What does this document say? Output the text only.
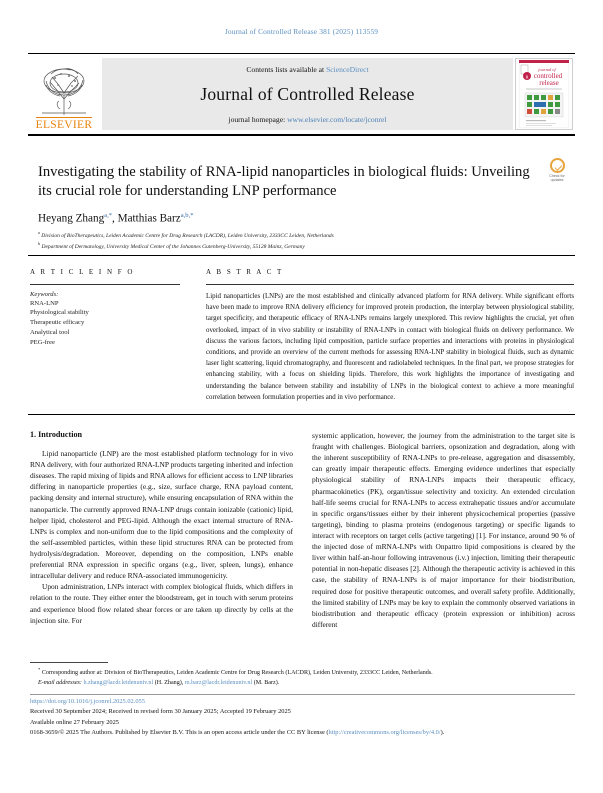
Journal of Controlled Release 381 (2025) 113559
ELSEVIER
Contents lists available at ScienceDirect
Journal of Controlled Release
journal homepage: www.elsevier.com/locate/jconrel
R
journal of
controlled
release
Check for
updates
Investigating the stability of RNA-lipid nanoparticles in biological fluids: Unveiling its crucial role for understanding LNP performance
Heyang Zhang$^{a,*}$, Matthias Barz$^{a,b,*}$
$^a$ Division of BioTherapeutics, Leiden Academic Centre for Drug Research (LACDR), Leiden University, 2333CC Leiden, Netherlands
$^b$ Department of Dermatology, University Medical Center of the Johannes Gutenberg-University, 55128 Mainz, Germany
A R T I C L E I N F O
Keywords:
RNA-LNP
Physiological stability
Therapeutic efficacy
Analytical tool
PEG-free
A B S T R A C T
Lipid nanoparticles (LNPs) are the most established and clinically advanced platform for RNA delivery. While significant efforts have been made to improve RNA delivery efficiency for improved protein production, the interplay between physiological stability, target specificity, and therapeutic efficacy of RNA-LNPs remains largely unexplored. This review highlights the crucial, yet often overlooked, impact of in vivo stability or instability of RNA-LNPs in contact with biological fluids on delivery performance. We discuss the various factors, including lipid composition, particle surface properties and interactions with proteins in physiological conditions, and provide an overview of the current methods for assessing RNA-LNP stability in biological fluids, such as dynamic laser light scattering, liquid chromatography, and fluorescent and radiolabeled techniques. In the final part, we propose strategies for enhancing stability, with a focus on shielding lipids. Therefore, this work highlights the importance of investigating and understanding the balance between stability and instability of LNPs in the biological context to achieve a more meaningful correlation between formulation properties and in vivo performance.
1. Introduction

Lipid nanoparticle (LNP) are the most established platform technology for in vivo RNA delivery, with four authorized RNA-LNP products targeting inherited and infection diseases. The rapid mixing of lipids and RNA allows for efficient access to LNP libraries differing in nanoparticle properties (e.g., size, surface charge, RNA payload content, packing density and internal structure), while ensuring encapsulation of RNA within the nanoparticle. The currently approved RNA-LNP drugs contain ionizable (cationic) lipid, helper lipid, cholesterol and PEG-lipid. Although the exact internal structure of RNA-LNPs is complex and non-uniform due to the lipid compositions and the complexity of the self-assembled particles, within these lipid structures RNA can be protected from hydrolysis/degradation. Moreover, depending on the composition, LNPs enable preferential RNA expression in specific organs (e.g., liver, spleen, lungs), enhance intracellular delivery and reduce RNA-associated immunogenicity.

Upon administration, LNPs interact with complex biological fluids, which differs in relation to the route. They either enter the bloodstream, get in touch with serum proteins and experience blood flow related shear forces or are taken up directly by cells at the injection site. For

systemic application, however, the journey from the administration to the target site is fraught with challenges. Biological barriers, opsonization and degradation, along with the inherent susceptibility of RNA-LNPs to pre-release, aggregation and disassembly, can greatly impair therapeutic effects. Emerging evidence underlines that especially physiological stability of RNA-LNPs impacts their therapeutic efficacy, pharmacokinetics (PK), organ/tissue selectivity and toxicity. An extended circulation half-life seems crucial for RNA-LNPs to access extrahepatic tissues and/or accumulate in specific organs/tissues either by their inherent physicochemical properties (passive targeting), binding to plasma proteins (endogenous targeting) or specific ligands to interact with receptors on target cells (active targeting) [1]. For instance, around 90 % of the injected dose of mRNA-LNPs with Onpattro lipid compositions is cleared by the liver within half-an-hour following intravenous (i.v.) injection, limiting their therapeutic potential in non-hepatic diseases [2]. Although the therapeutic activity is achieved in this case, the stability of RNA-LNPs is of major importance for their biodistribution, required dose for positive therapeutic outcomes, and overall safety profile. Additionally, the limited stability of LNPs may be key to explain the commonly observed variations in biodistribution and therapeutic efficacy (protein expression or inhibition) across different

* Corresponding author at: Division of BioTherapeutics, Leiden Academic Centre for Drug Research (LACDR), Leiden University, 2333CC Leiden, Netherlands.
E-mail addresses: h.zhang@lacdr.leidenuniv.nl (H. Zhang), m.barz@lacdr.leidenuniv.nl (M. Barz).
https://doi.org/10.1016/j.jconrel.2025.02.055
Received 30 September 2024; Received in revised form 30 January 2025; Accepted 19 February 2025
Available online 27 February 2025
0168-3659/© 2025 The Authors. Published by Elsevier B.V. This is an open access article under the CC BY license (http://creativecommons.org/licenses/by/4.0/).
